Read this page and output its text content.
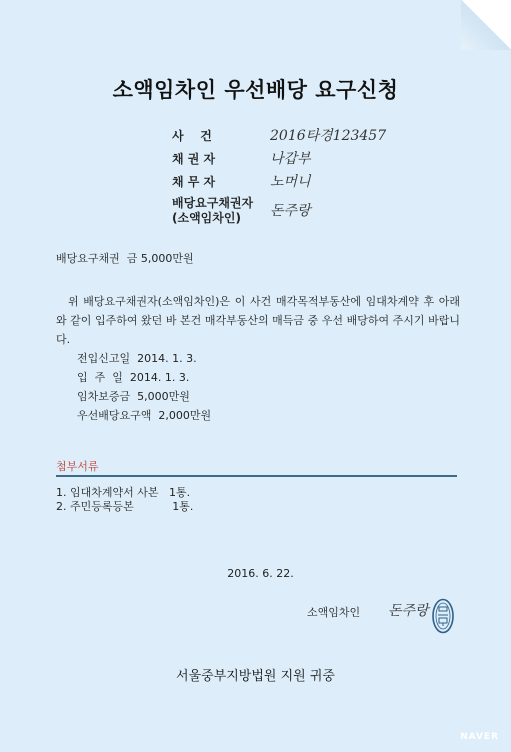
소액임차인 우선배당 요구신청
사    건	2016타경123457
채 권 자	나갑부
채 무 자	노머니
배당요구채권자
(소액임차인)	돈주랑
배당요구채권  금 5,000만원
위 배당요구채권자(소액임차인)은 이 사건 매각목적부동산에 임대차계약 후 아래와 같이 입주하여 왔던 바 본건 매각부동산의 매득금 중 우선 배당하여 주시기 바랍니다.
전입신고일  2014. 1. 3.
입  주  일  2014. 1. 3.
임차보증금  5,000만원
우선배당요구액  2,000만원
첨부서류
1. 임대차계약서 사본   1통.
2. 주민등록등본           1통.
2016. 6. 22.
소액임차인 돈주랑
서울중부지방법원 지원 귀중
NAVER
